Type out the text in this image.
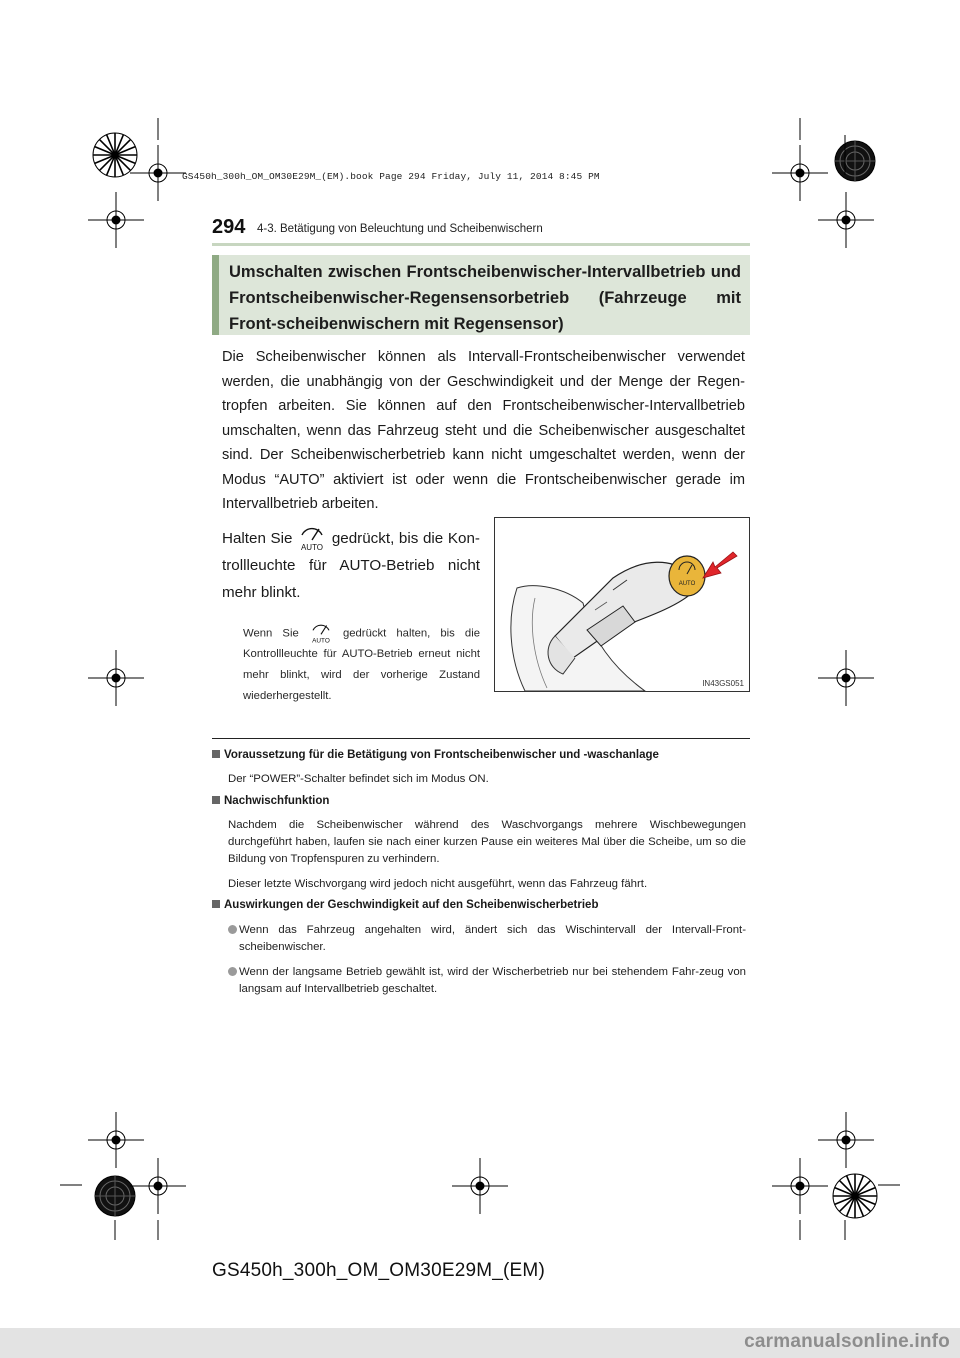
GS450h_300h_OM_OM30E29M_(EM).book Page 294 Friday, July 11, 2014 8:45 PM
294 4-3. Betätigung von Beleuchtung und Scheibenwischern
Umschalten zwischen Frontscheibenwischer-Intervallbetrieb und Frontscheibenwischer-Regensensorbetrieb (Fahrzeuge mit Front-scheibenwischern mit Regensensor)

Die Scheibenwischer können als Intervall-Frontscheibenwischer verwendet werden, die unabhängig von der Geschwindigkeit und der Menge der Regen-tropfen arbeiten. Sie können auf den Frontscheibenwischer-Intervallbetrieb umschalten, wenn das Fahrzeug steht und die Scheibenwischer ausgeschaltet sind. Der Scheibenwischerbetrieb kann nicht umgeschaltet werden, wenn der Modus “AUTO” aktiviert ist oder wenn die Frontscheibenwischer gerade im Intervallbetrieb arbeiten.

Halten Sie
AUTO
gedrückt, bis die Kon-trollleuchte für AUTO-Betrieb nicht mehr blinkt.

Wenn Sie
AUTO
gedrückt halten, bis die Kontrollleuchte für AUTO-Betrieb erneut nicht mehr blinkt, wird der vorherige Zustand wiederhergestellt.

AUTO
IN43GS051
Voraussetzung für die Betätigung von Frontscheibenwischer und -waschanlage

Der “POWER”-Schalter befindet sich im Modus ON.

Nachwischfunktion

Nachdem die Scheibenwischer während des Waschvorgangs mehrere Wischbewegungen durchgeführt haben, laufen sie nach einer kurzen Pause ein weiteres Mal über die Scheibe, um so die Bildung von Tropfenspuren zu verhindern.

Dieser letzte Wischvorgang wird jedoch nicht ausgeführt, wenn das Fahrzeug fährt.

Auswirkungen der Geschwindigkeit auf den Scheibenwischerbetrieb

Wenn das Fahrzeug angehalten wird, ändert sich das Wischintervall der Intervall-Front-scheibenwischer.

Wenn der langsame Betrieb gewählt ist, wird der Wischerbetrieb nur bei stehendem Fahr-zeug von langsam auf Intervallbetrieb geschaltet.

GS450h_300h_OM_OM30E29M_(EM)
carmanualsonline.info
